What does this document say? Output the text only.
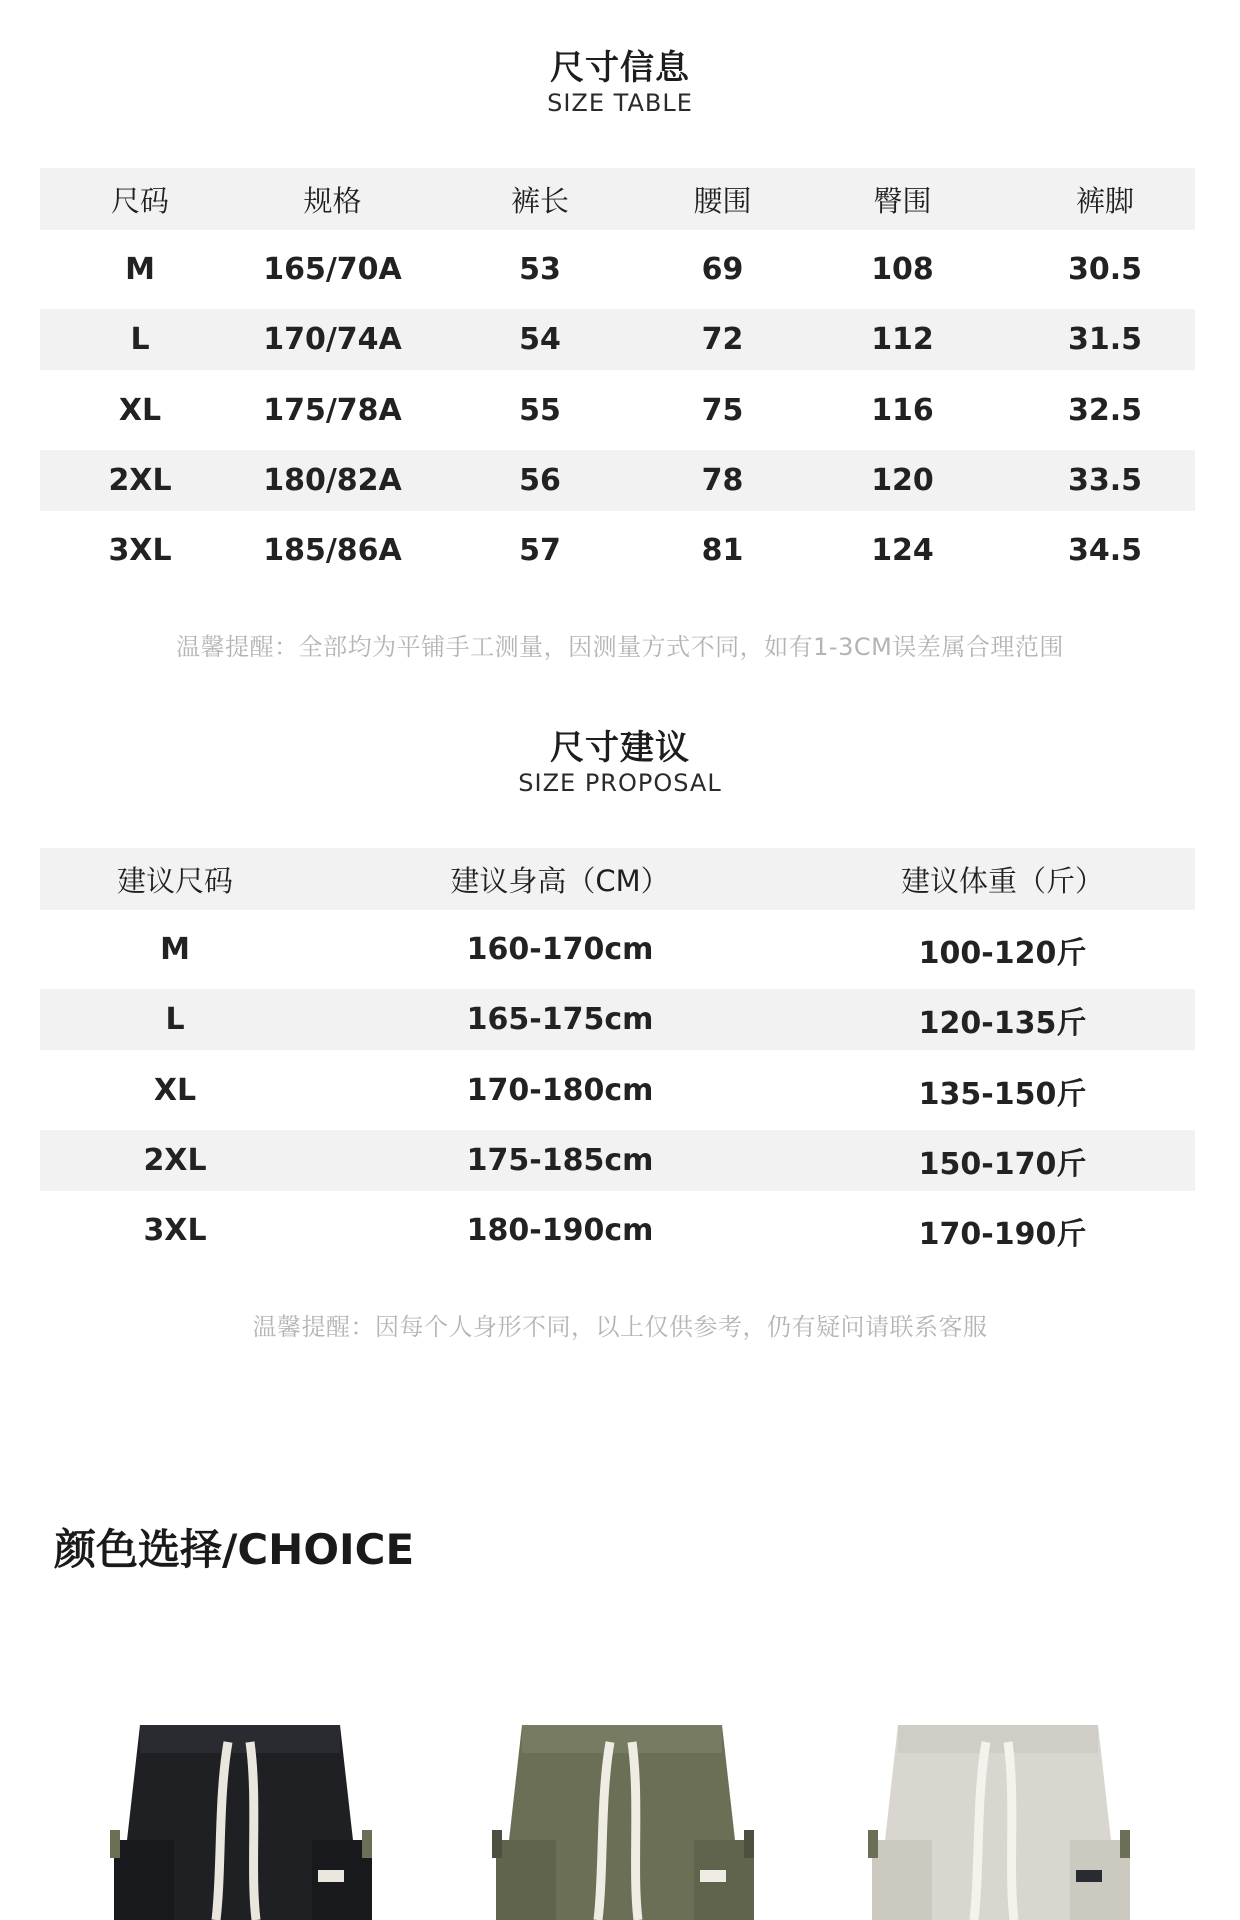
尺寸信息
SIZE TABLE
尺码	规格	裤长	腰围	臀围	裤脚
M	165/70A	53	69	108	30.5
L	170/74A	54	72	112	31.5
XL	175/78A	55	75	116	32.5
2XL	180/82A	56	78	120	33.5
3XL	185/86A	57	81	124	34.5
温馨提醒：全部均为平铺手工测量，因测量方式不同，如有1-3CM误差属合理范围
尺寸建议
SIZE PROPOSAL
建议尺码	建议身高（CM）	建议体重（斤）
M	160-170cm	100-120斤
L	165-175cm	120-135斤
XL	170-180cm	135-150斤
2XL	175-185cm	150-170斤
3XL	180-190cm	170-190斤
温馨提醒：因每个人身形不同，以上仅供参考，仍有疑问请联系客服
颜色选择/CHOICE
